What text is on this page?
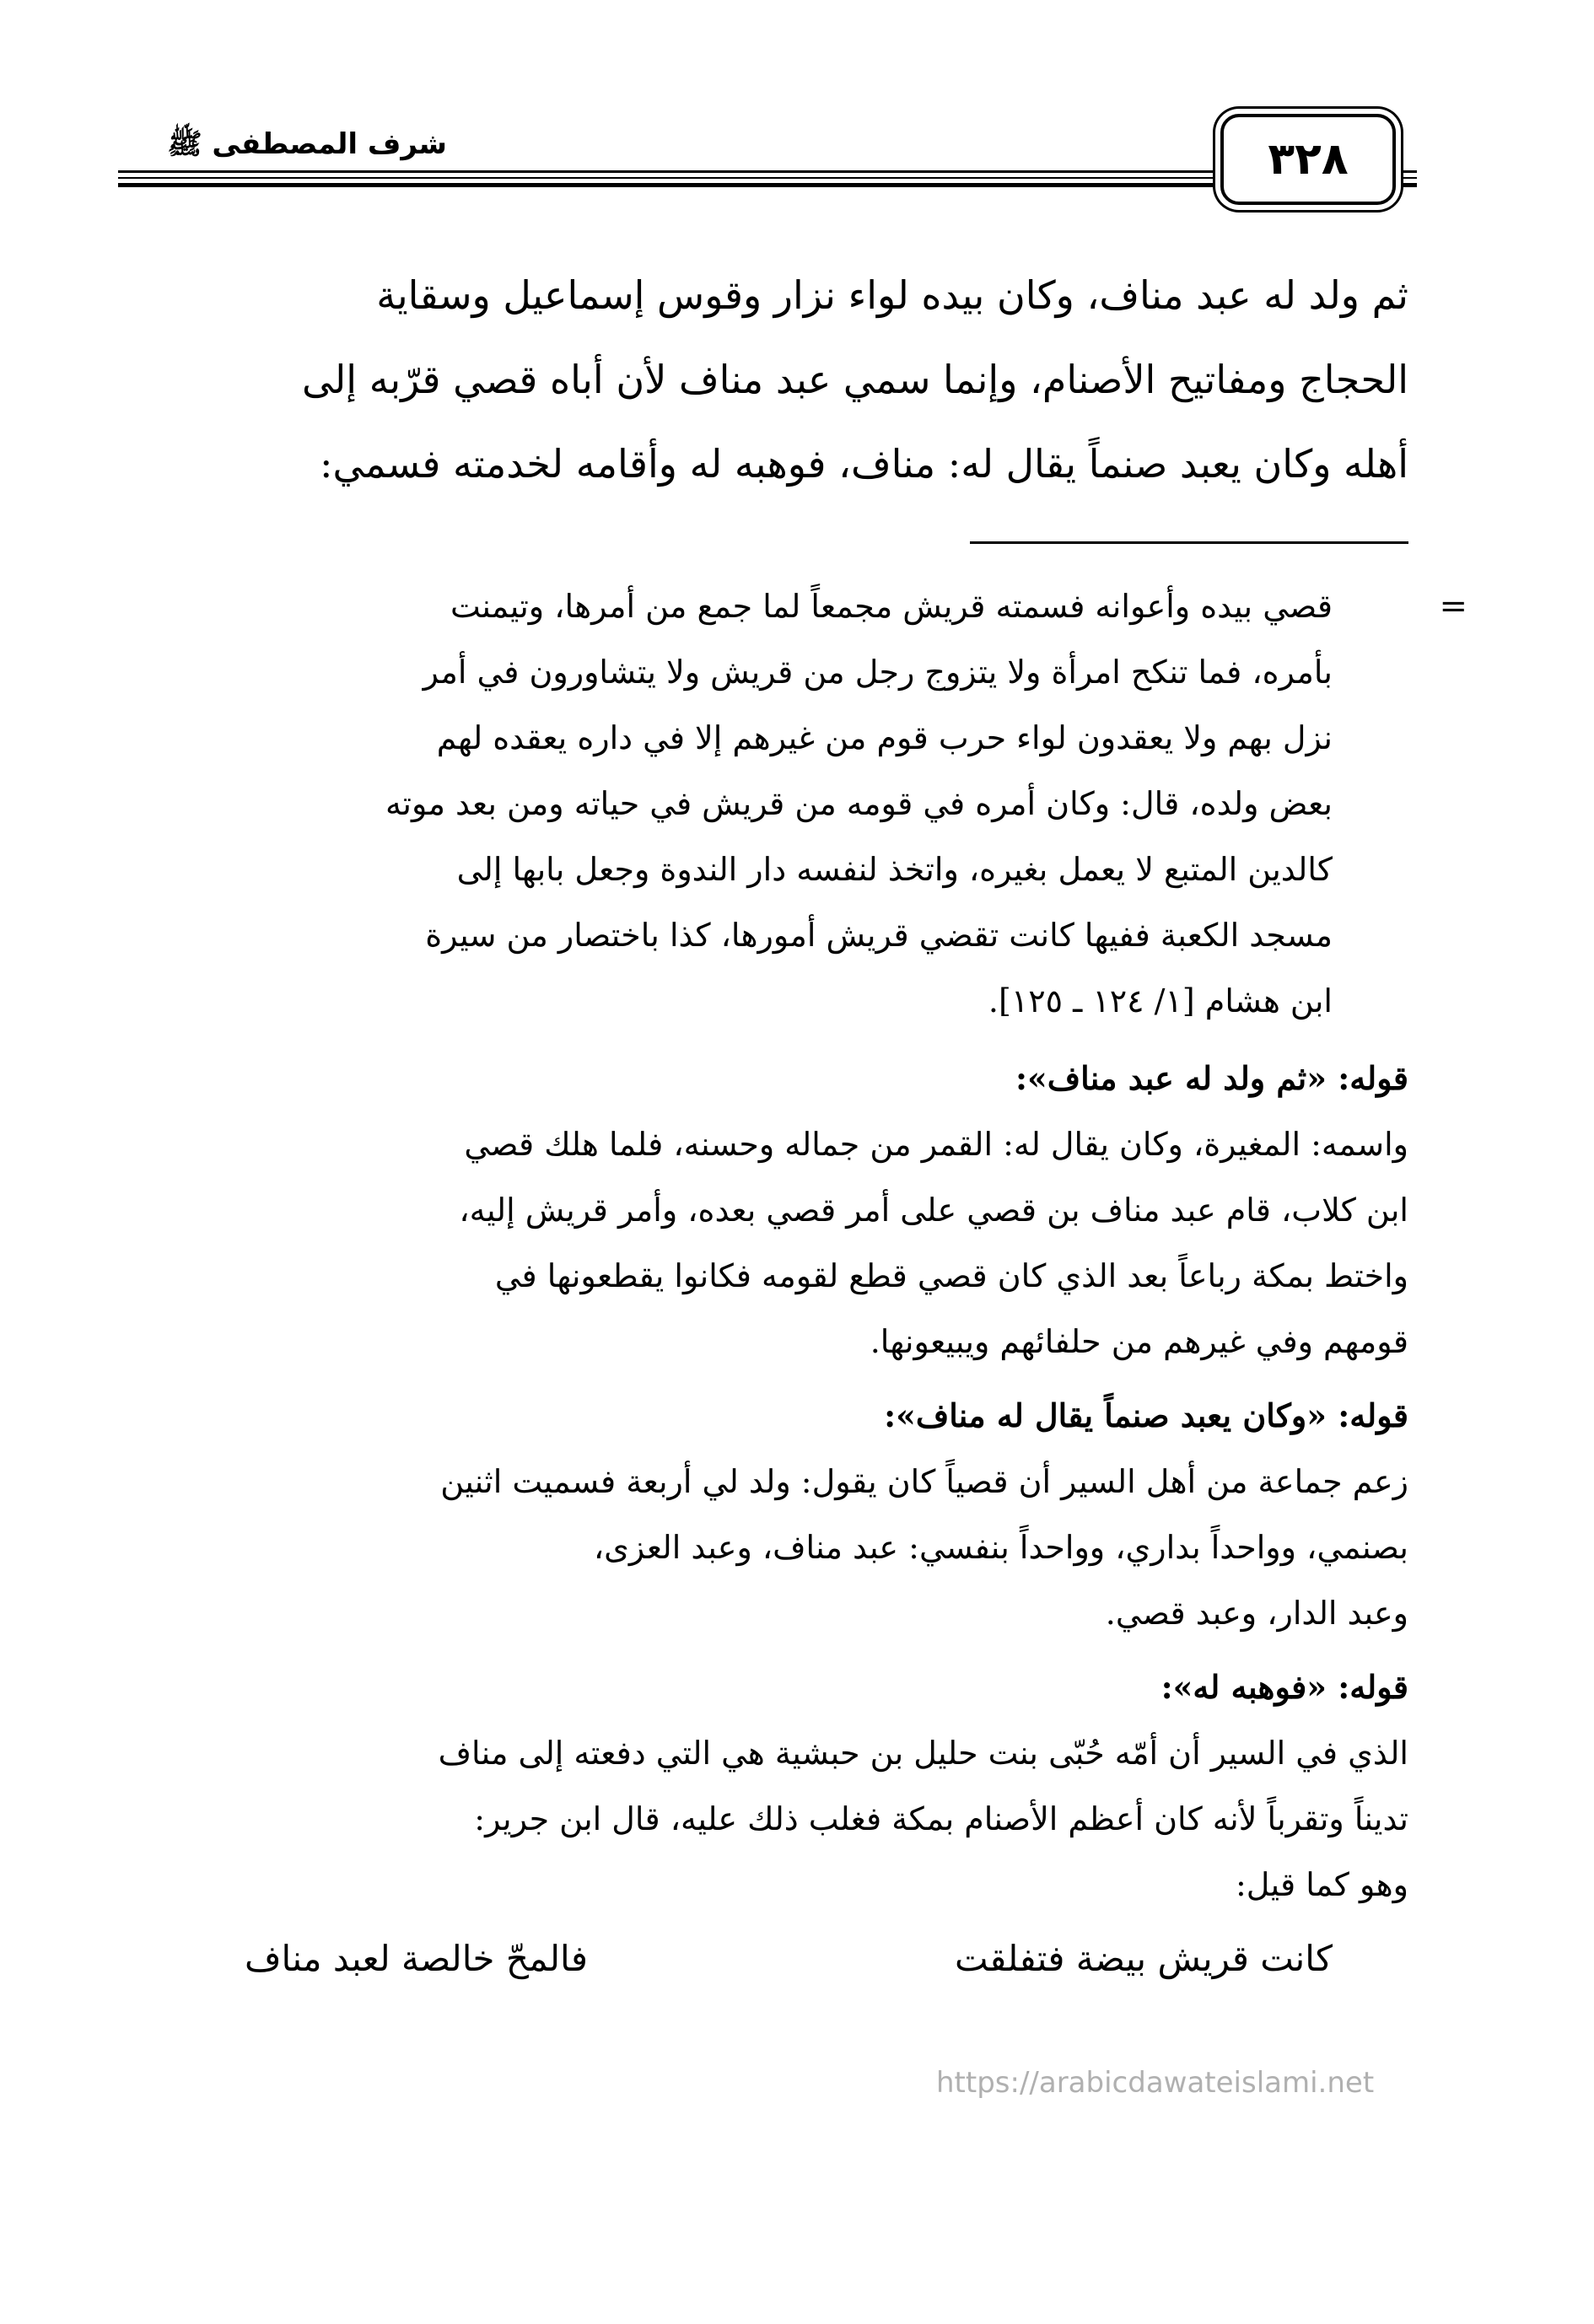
شرف المصطفى ﷺ	٣٢٨

ثم ولد له عبد مناف، وكان بيده لواء نزار وقوس إسماعيل وسقاية

الحجاج ومفاتيح الأصنام، وإنما سمي عبد مناف لأن أباه قصي قرّبه إلى

أهله وكان يعبد صنماً يقال له: مناف، فوهبه له وأقامه لخدمته فسمي:

=

قصي بيده وأعوانه فسمته قريش مجمعاً لما جمع من أمرها، وتيمنت

بأمره، فما تنكح امرأة ولا يتزوج رجل من قريش ولا يتشاورون في أمر

نزل بهم ولا يعقدون لواء حرب قوم من غيرهم إلا في داره يعقده لهم

بعض ولده، قال: وكان أمره في قومه من قريش في حياته ومن بعد موته

كالدين المتبع لا يعمل بغيره، واتخذ لنفسه دار الندوة وجعل بابها إلى

مسجد الكعبة ففيها كانت تقضي قريش أمورها، كذا باختصار من سيرة

ابن هشام [١/ ١٢٤ ـ ١٢٥].

قوله: «ثم ولد له عبد مناف»:

واسمه: المغيرة، وكان يقال له: القمر من جماله وحسنه، فلما هلك قصي

ابن كلاب، قام عبد مناف بن قصي على أمر قصي بعده، وأمر قريش إليه،

واختط بمكة رباعاً بعد الذي كان قصي قطع لقومه فكانوا يقطعونها في

قومهم وفي غيرهم من حلفائهم ويبيعونها.

قوله: «وكان يعبد صنماً يقال له مناف»:

زعم جماعة من أهل السير أن قصياً كان يقول: ولد لي أربعة فسميت اثنين

بصنمي، وواحداً بداري، وواحداً بنفسي: عبد مناف، وعبد العزى،

وعبد الدار، وعبد قصي.

قوله: «فوهبه له»:

الذي في السير أن أمّه حُبّى بنت حليل بن حبشية هي التي دفعته إلى مناف

تديناً وتقرباً لأنه كان أعظم الأصنام بمكة فغلب ذلك عليه، قال ابن جرير:

وهو كما قيل:

كانت قريش بيضة فتفلقت
فالمحّ خالصة لعبد مناف
https://arabicdawateislami.net
